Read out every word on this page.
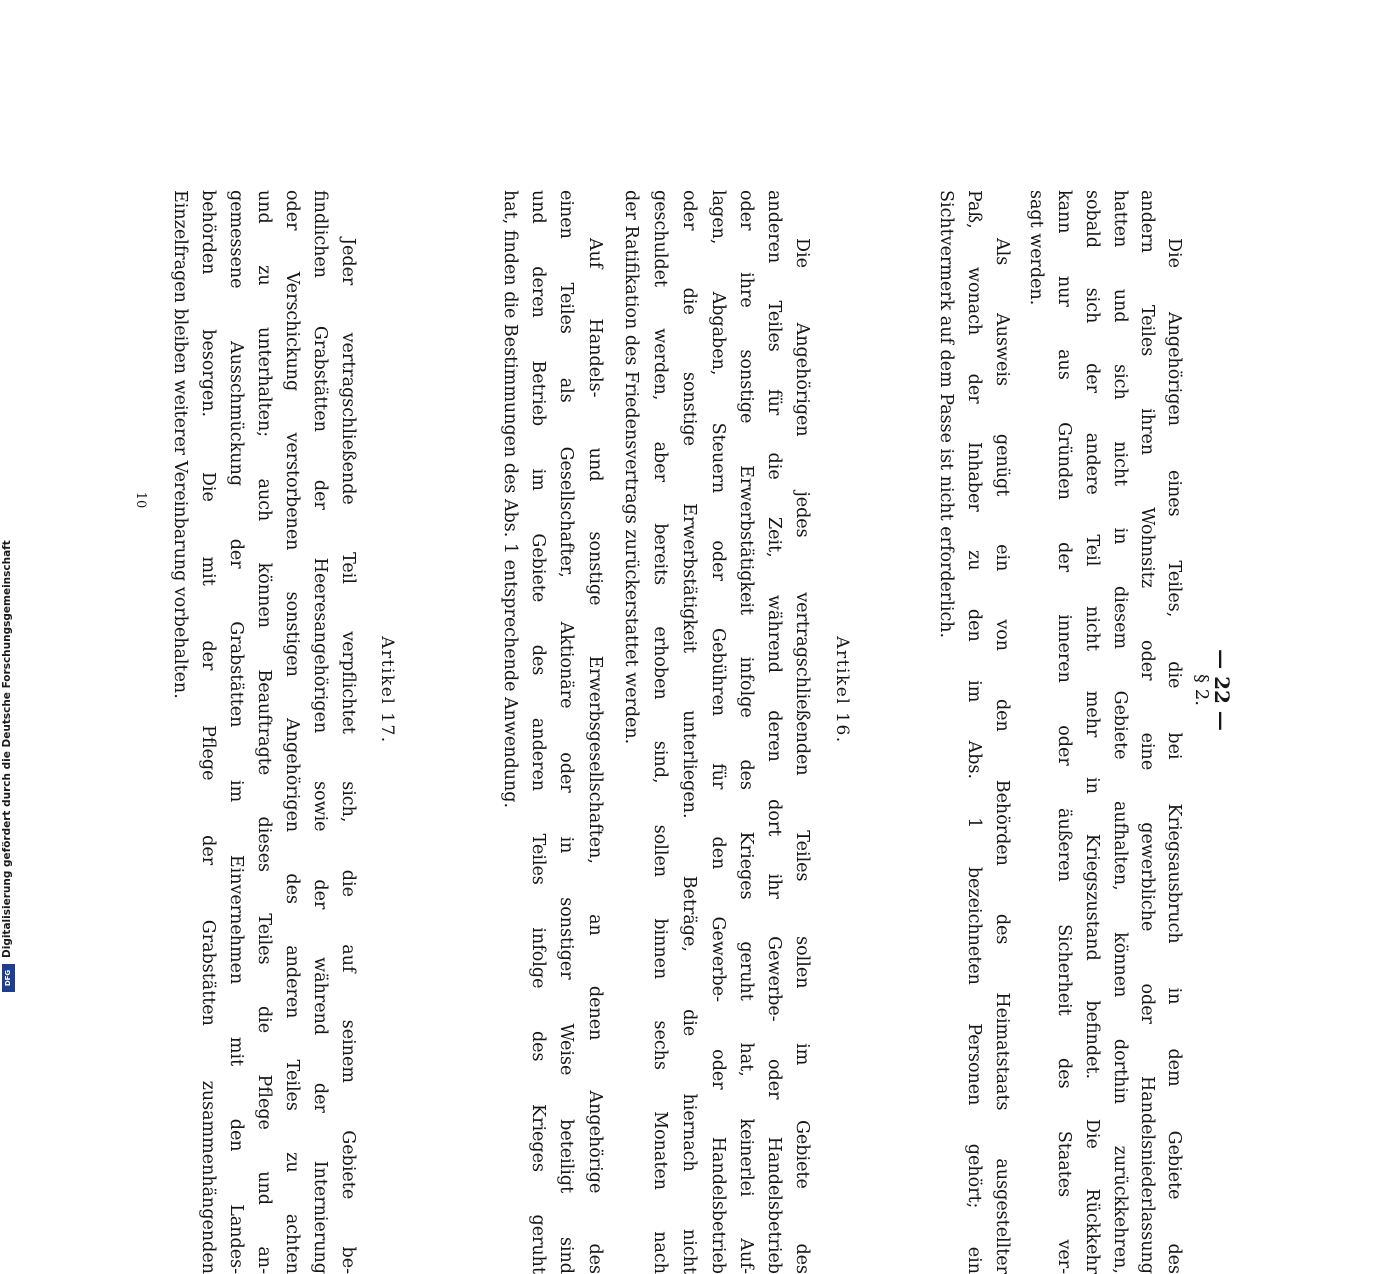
— 22 —
§ 2.
Die Angehörigen eines Teiles, die bei Kriegsausbruch in dem Gebiete des
andern Teiles ihren Wohnsitz oder eine gewerbliche oder Handelsniederlassung
hatten und sich nicht in diesem Gebiete aufhalten, können dorthin zurückkehren,
sobald sich der andere Teil nicht mehr in Kriegszustand befindet. Die Rückkehr
kann nur aus Gründen der inneren oder äußeren Sicherheit des Staates ver-
sagt werden.
Als Ausweis genügt ein von den Behörden des Heimatstaats ausgestellter
Paß, wonach der Inhaber zu den im Abs. 1 bezeichneten Personen gehört; ein
Sichtvermerk auf dem Passe ist nicht erforderlich.
Artikel 16.
Die Angehörigen jedes vertragschließenden Teiles sollen im Gebiete des
anderen Teiles für die Zeit, während deren dort ihr Gewerbe- oder Handelsbetrieb
oder ihre sonstige Erwerbstätigkeit infolge des Krieges geruht hat, keinerlei Auf-
lagen, Abgaben, Steuern oder Gebühren für den Gewerbe- oder Handelsbetrieb
oder die sonstige Erwerbstätigkeit unterliegen. Beträge, die hiernach nicht
geschuldet werden, aber bereits erhoben sind, sollen binnen sechs Monaten nach
der Ratifikation des Friedensvertrags zurückerstattet werden.
Auf Handels- und sonstige Erwerbsgesellschaften, an denen Angehörige des
einen Teiles als Gesellschafter, Aktionäre oder in sonstiger Weise beteiligt sind
und deren Betrieb im Gebiete des anderen Teiles infolge des Krieges geruht
hat, finden die Bestimmungen des Abs. 1 entsprechende Anwendung.
Artikel 17.
Jeder vertragschließende Teil verpflichtet sich, die auf seinem Gebiete be-
findlichen Grabstätten der Heeresangehörigen sowie der während der Internierung
oder Verschickung verstorbenen sonstigen Angehörigen des anderen Teiles zu achten
und zu unterhalten; auch können Beauftragte dieses Teiles die Pflege und an-
gemessene Ausschmückung der Grabstätten im Einvernehmen mit den Landes-
behörden besorgen. Die mit der Pflege der Grabstätten zusammenhängenden
Einzelfragen bleiben weiterer Vereinbarung vorbehalten.
10
Digitalisierung gefördert durch die Deutsche Forschungsgemeinschaft
DFG
